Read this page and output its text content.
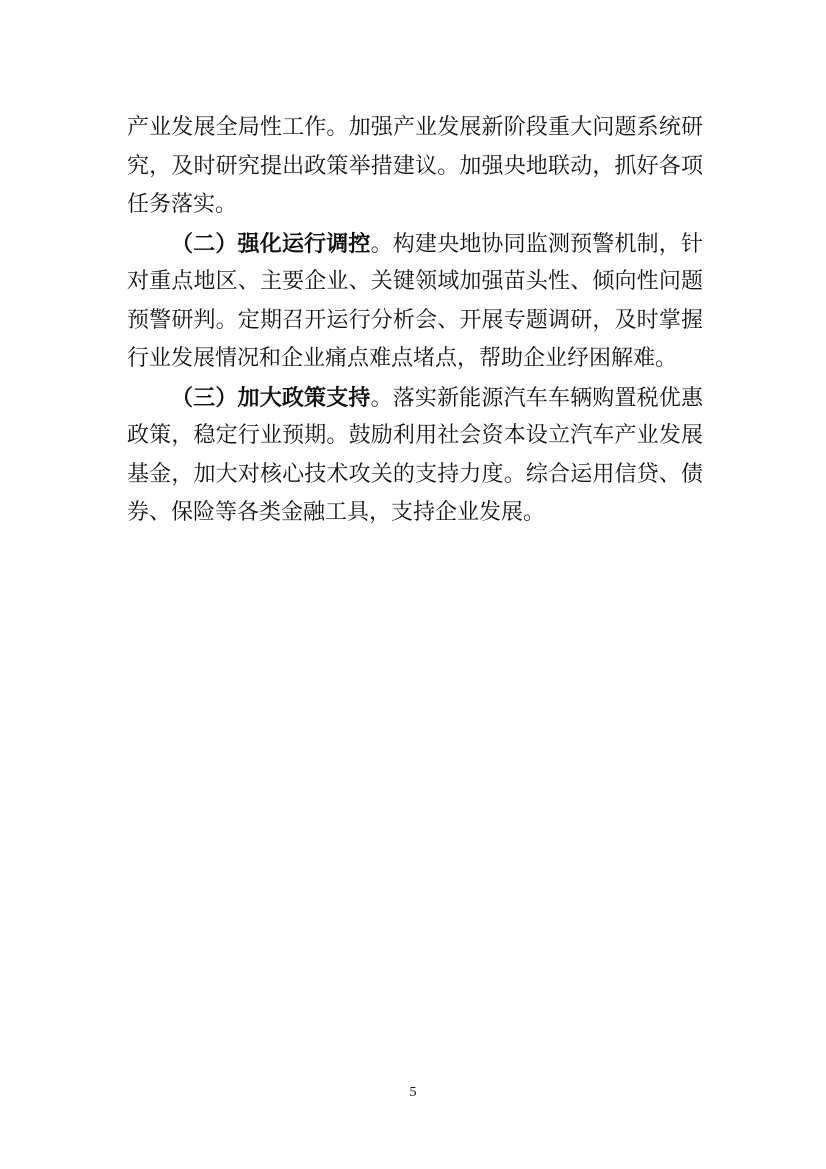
产业发展全局性工作。加强产业发展新阶段重大问题系统研
究，及时研究提出政策举措建议。加强央地联动，抓好各项
任务落实。
（二）强化运行调控。构建央地协同监测预警机制，针
对重点地区、主要企业、关键领域加强苗头性、倾向性问题
预警研判。定期召开运行分析会、开展专题调研，及时掌握
行业发展情况和企业痛点难点堵点，帮助企业纾困解难。
（三）加大政策支持。落实新能源汽车车辆购置税优惠
政策，稳定行业预期。鼓励利用社会资本设立汽车产业发展
基金，加大对核心技术攻关的支持力度。综合运用信贷、债
券、保险等各类金融工具，支持企业发展。
5
